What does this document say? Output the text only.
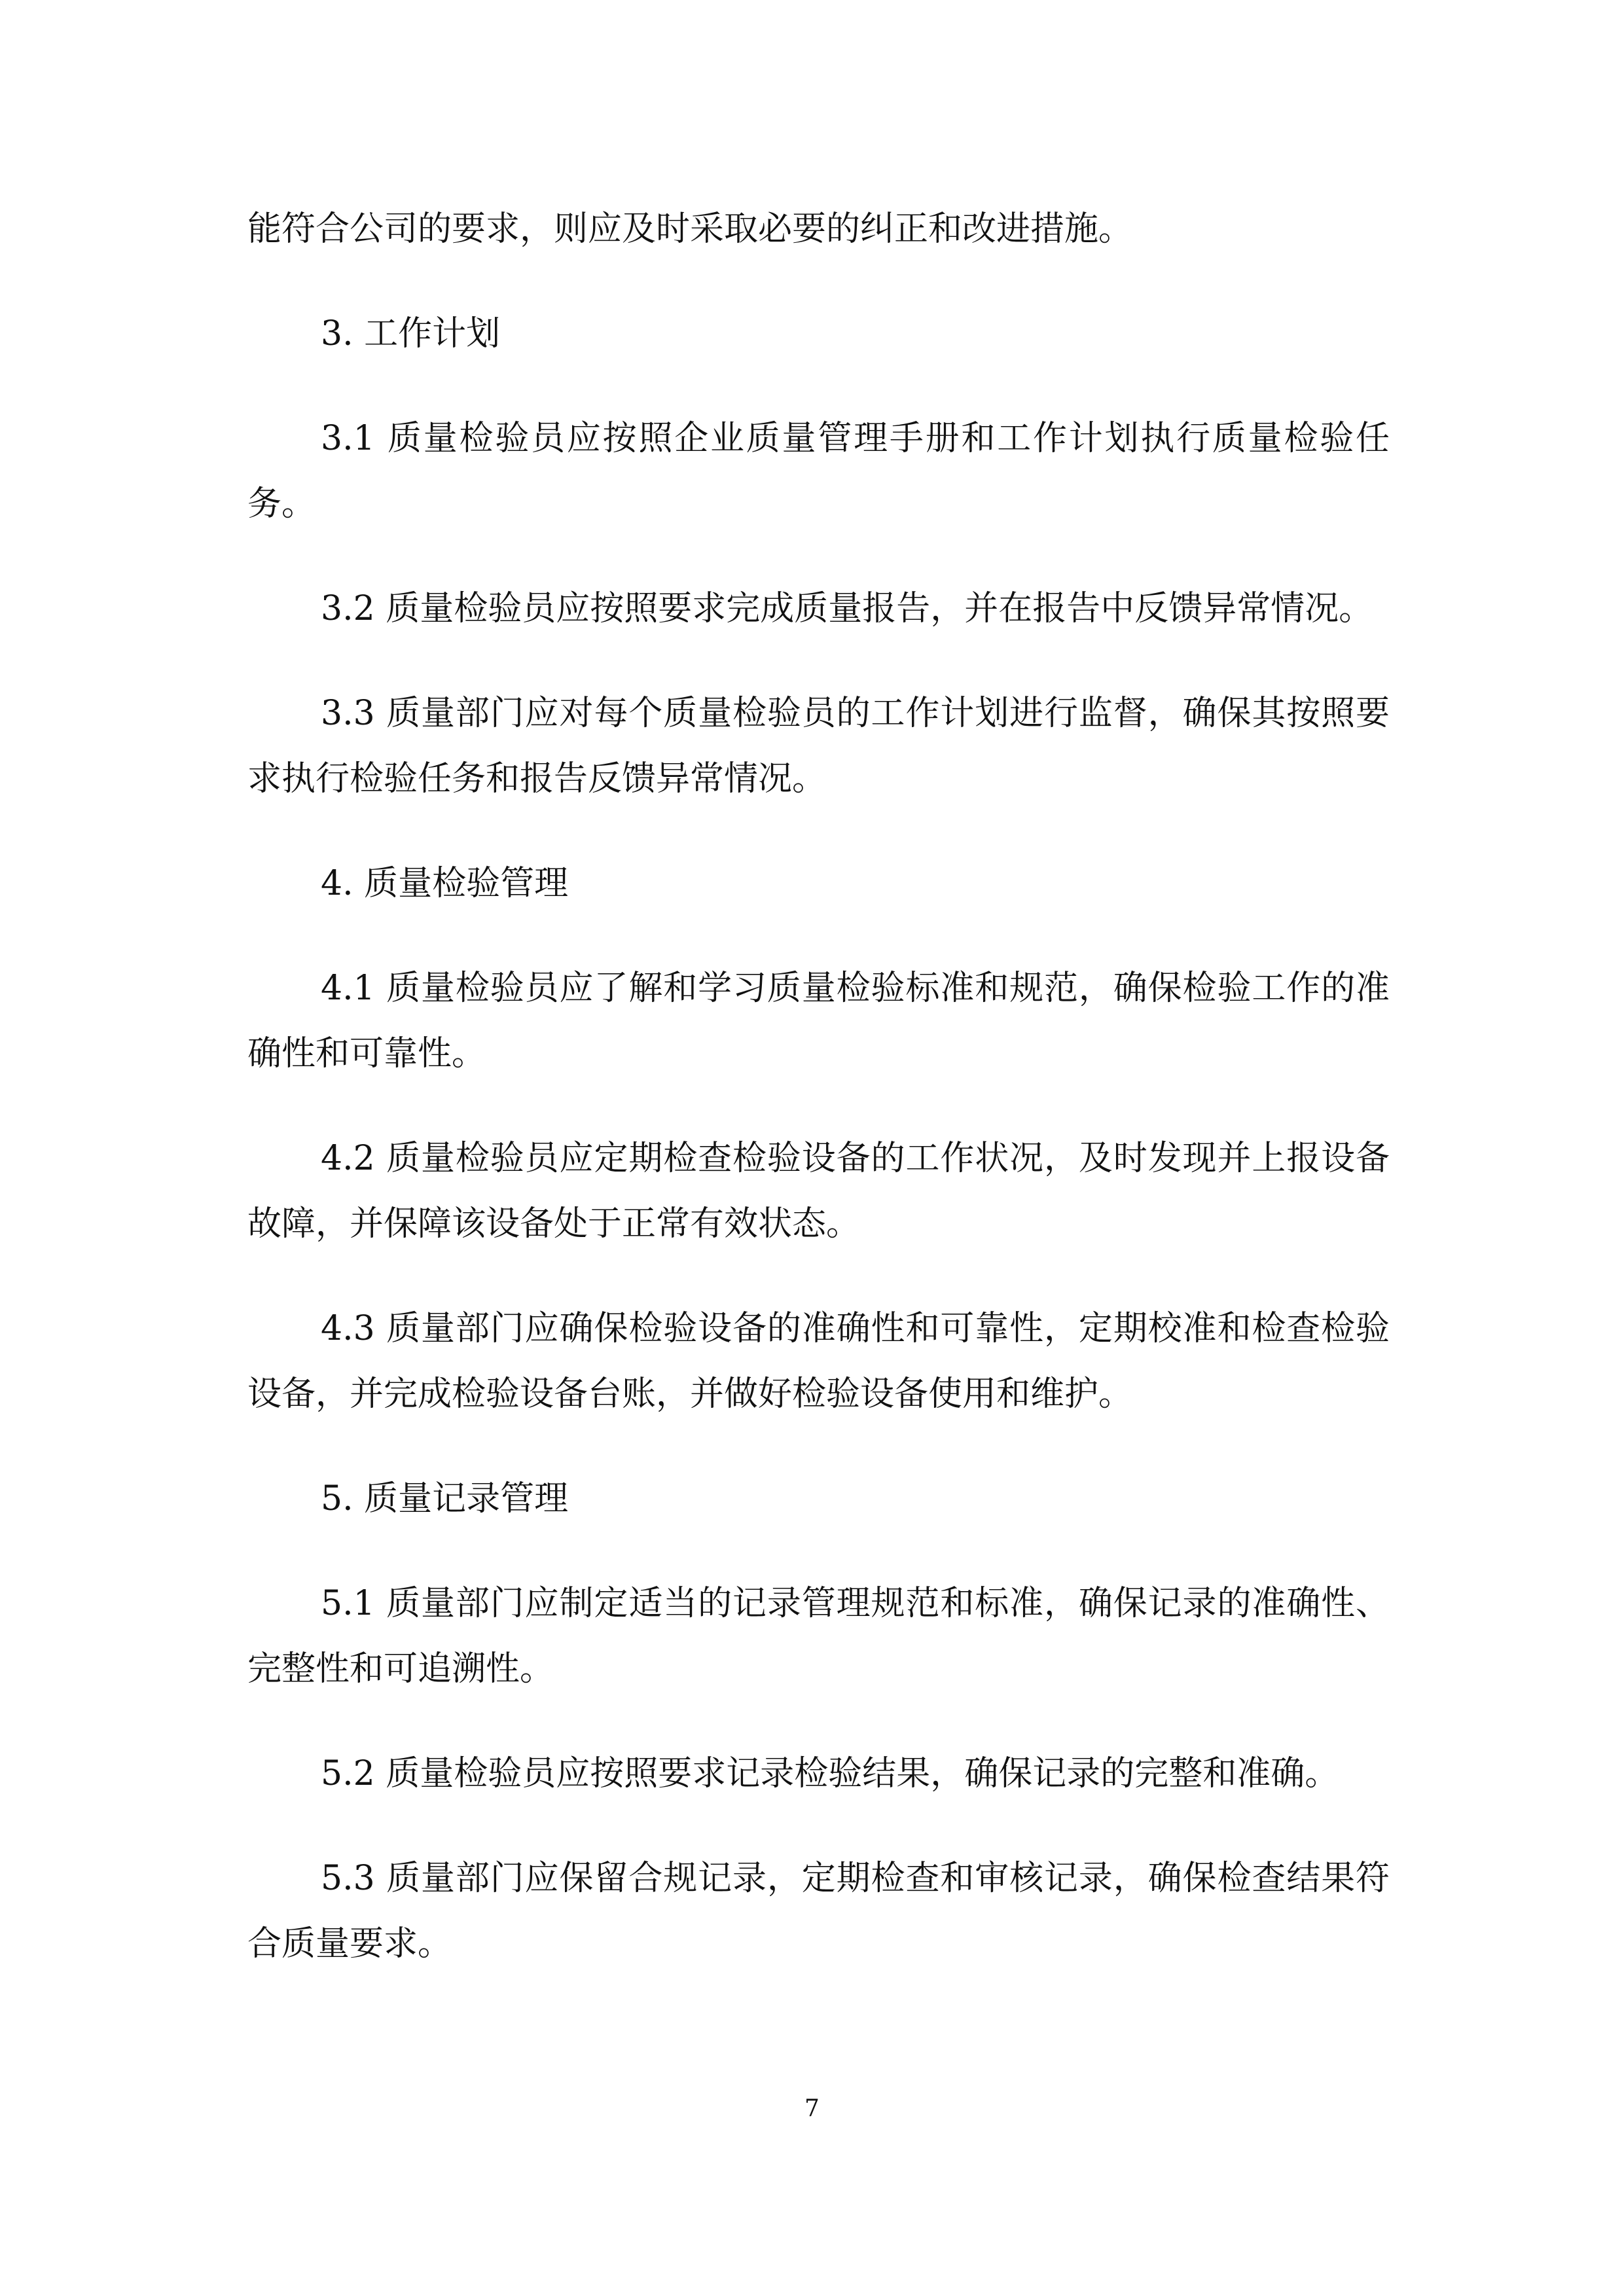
能符合公司的要求，则应及时采取必要的纠正和改进措施。

3. 工作计划

3.1 质量检验员应按照企业质量管理手册和工作计划执行质量检验任务。

3.2 质量检验员应按照要求完成质量报告，并在报告中反馈异常情况。

3.3 质量部门应对每个质量检验员的工作计划进行监督，确保其按照要求执行检验任务和报告反馈异常情况。

4. 质量检验管理

4.1 质量检验员应了解和学习质量检验标准和规范，确保检验工作的准确性和可靠性。

4.2 质量检验员应定期检查检验设备的工作状况，及时发现并上报设备故障，并保障该设备处于正常有效状态。

4.3 质量部门应确保检验设备的准确性和可靠性，定期校准和检查检验设备，并完成检验设备台账，并做好检验设备使用和维护。

5. 质量记录管理

5.1 质量部门应制定适当的记录管理规范和标准，确保记录的准确性、完整性和可追溯性。

5.2 质量检验员应按照要求记录检验结果，确保记录的完整和准确。

5.3 质量部门应保留合规记录，定期检查和审核记录，确保检查结果符合质量要求。

7
